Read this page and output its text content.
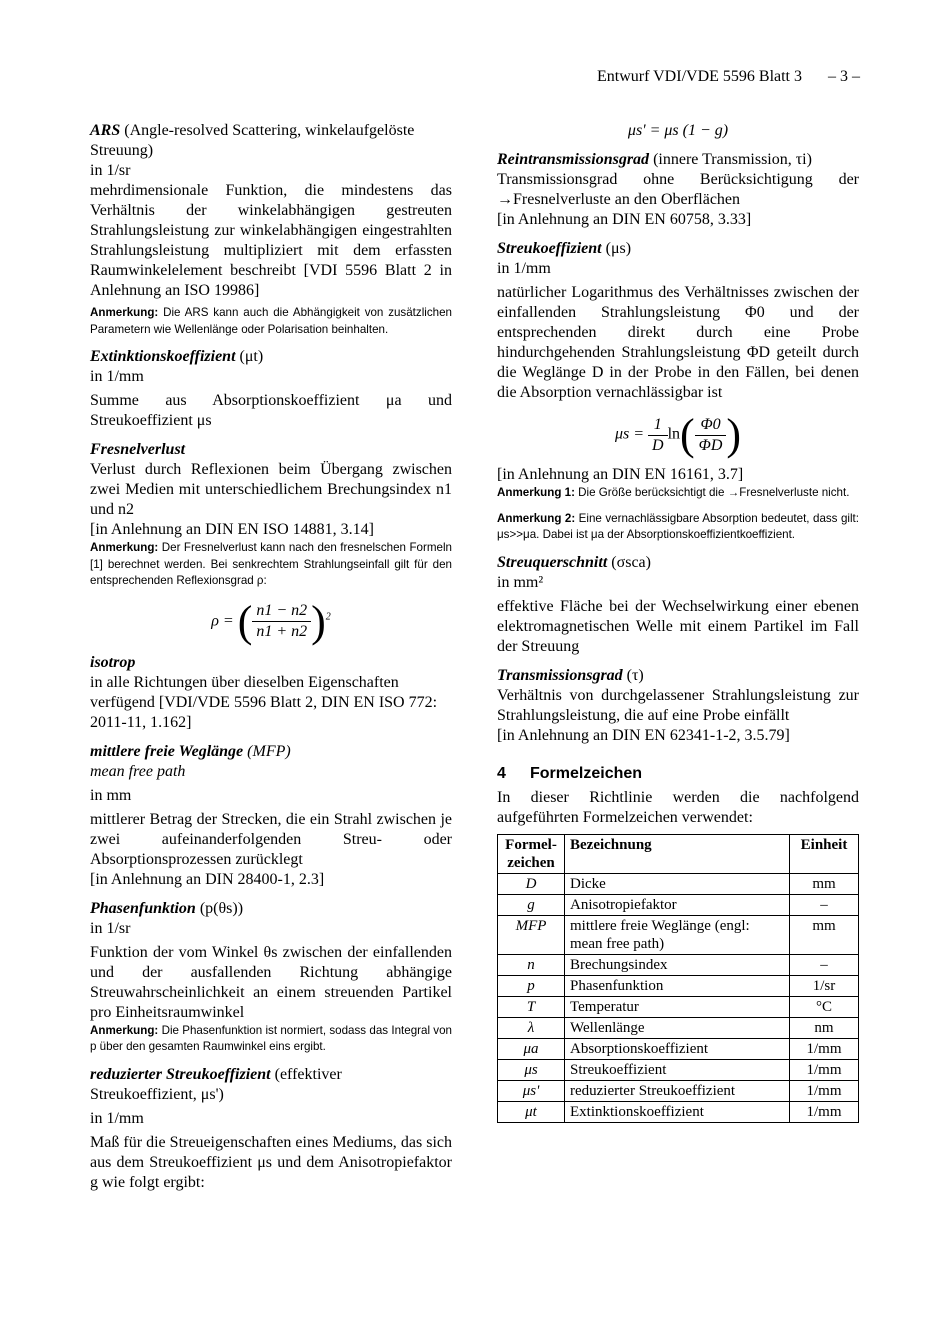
Entwurf VDI/VDE 5596 Blatt 3 – 3 –
ARS (Angle-resolved Scattering, winkelaufgelöste Streuung)
in 1/sr
mehrdimensionale Funktion, die mindestens das Verhältnis der winkelabhängigen gestreuten Strahlungsleistung zur winkelabhängigen eingestrahlten Strahlungsleistung multipliziert mit dem erfassten Raumwinkelelement beschreibt [VDI 5596 Blatt 2 in Anlehnung an ISO 19986]
Anmerkung: Die ARS kann auch die Abhängigkeit von zusätzlichen Parametern wie Wellenlänge oder Polarisation beinhalten.
Extinktionskoeffizient (μt)
in 1/mm
Summe aus Absorptionskoeffizient μa und Streukoeffizient μs
Fresnelverlust
Verlust durch Reflexionen beim Übergang zwischen zwei Medien mit unterschiedlichem Brechungsindex n1 und n2
[in Anlehnung an DIN EN ISO 14881, 3.14]
Anmerkung: Der Fresnelverlust kann nach den fresnelschen Formeln [1] berechnet werden. Bei senkrechtem Strahlungseinfall gilt für den entsprechenden Reflexionsgrad ρ:
ρ = ( $\frac{n1 - n2}{n1 + n2} )^2$
isotrop
in alle Richtungen über dieselben Eigenschaften verfügend [VDI/VDE 5596 Blatt 2, DIN EN ISO 772: 2011-11, 1.162]
mittlere freie Weglänge (MFP)
mean free path
in mm
mittlerer Betrag der Strecken, die ein Strahl zwischen je zwei aufeinanderfolgenden Streu- oder Absorptionsprozessen zurücklegt
[in Anlehnung an DIN 28400-1, 2.3]
Phasenfunktion (p(θs))
in 1/sr
Funktion der vom Winkel θs zwischen der einfallenden und der ausfallenden Richtung abhängige Streuwahrscheinlichkeit an einem streuenden Partikel pro Einheitsraumwinkel
Anmerkung: Die Phasenfunktion ist normiert, sodass das Integral von p über den gesamten Raumwinkel eins ergibt.
reduzierter Streukoeffizient (effektiver Streukoeffizient, μs')
in 1/mm
Maß für die Streueigenschaften eines Mediums, das sich aus dem Streukoeffizient μs und dem Anisotropiefaktor g wie folgt ergibt:
μs' = μs (1 − g)
Reintransmissionsgrad (innere Transmission, τi)
Transmissionsgrad ohne Berücksichtigung der →Fresnelverluste an den Oberflächen
[in Anlehnung an DIN EN 60758, 3.33]
Streukoeffizient (μs)
in 1/mm
natürlicher Logarithmus des Verhältnisses zwischen der einfallenden Strahlungsleistung Φ0 und der entsprechenden direkt durch eine Probe hindurchgehenden Strahlungsleistung ΦD geteilt durch die Weglänge D in der Probe in den Fällen, bei denen die Absorption vernachlässigbar ist
$\mu s = \frac{1}{D} \ln( \frac{\Phi 0}{\Phi D}$ )
[in Anlehnung an DIN EN 16161, 3.7]
Anmerkung 1: Die Größe berücksichtigt die →Fresnelverluste nicht.
Anmerkung 2: Eine vernachlässigbare Absorption bedeutet, dass gilt: μs>>μa. Dabei ist μa der Absorptionskoeffizientkoeffizient.
Streuquerschnitt (σsca)
in mm²
effektive Fläche bei der Wechselwirkung einer ebenen elektromagnetischen Welle mit einem Partikel im Fall der Streuung
Transmissionsgrad (τ)
Verhältnis von durchgelassener Strahlungsleistung zur Strahlungsleistung, die auf eine Probe einfällt
[in Anlehnung an DIN EN 62341-1-2, 3.5.79]
4 Formelzeichen
In dieser Richtlinie werden die nachfolgend aufgeführten Formelzeichen verwendet:
Formel-zeichen	Bezeichnung	Einheit
D	Dicke	mm
g	Anisotropiefaktor	–
MFP	mittlere freie Weglänge (engl: mean free path)	mm
n	Brechungsindex	–
p	Phasenfunktion	1/sr
T	Temperatur	°C
λ	Wellenlänge	nm
μa	Absorptionskoeffizient	1/mm
μs	Streukoeffizient	1/mm
μs'	reduzierter Streukoeffizient	1/mm
μt	Extinktionskoeffizient	1/mm
